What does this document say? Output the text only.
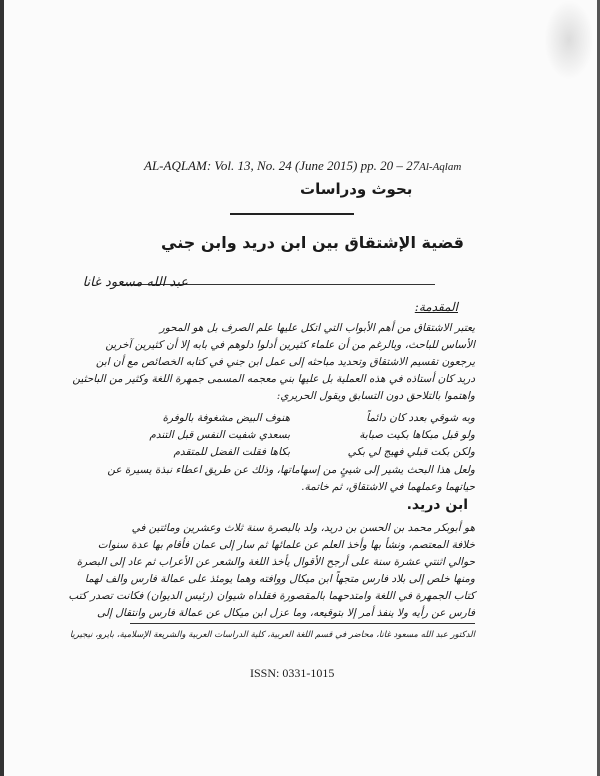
AL-AQLAM: Vol. 13, No. 24 (June 2015) pp. 20 – 27Al-Aqlam
بحوث ودراسات
قضية الإشتقاق بين ابن دريد وابن جني
عبد الله مسعود غانا
المقدمة:
يعتبر الاشتقاق من أهم الأبواب التي اتكل عليها علم الصرف بل هو المحور
الأساس للباحث، وبالرغم من أن علماء كثيرين أدلوا دلوهم في بابه إلا أن كثيرين آخرين
يرجعون تقسيم الاشتقاق وتحديد مباحثه إلى عمل ابن جني في كتابه الخصائص مع أن ابن
دريد كان أستاذه في هذه العملية بل عليها بني معجمه المسمى جمهرة اللغة وكثير من الباحثين
واهتموا بالتلاحق دون التسابق ويقول الحريري:
وبه شوقي بعدد كان دائماً
هنوف البيض مشغوفة بالوفرة
ولو قبل مبكاها بكيت صبابة
بسعدي شفيت النفس قبل التندم
ولكن بكت قبلي فهيج لي بكي
بكاها فقلت الفضل للمتقدم
ولعل هذا البحث يشير إلى شيئٍ من إسهاماتها، وذلك عن طريق اعطاء نبذة يسيرة عن
حياتهما وعملهما في الاشتقاق، ثم خاتمة.
ابن دريد.
هو أبوبكر محمد بن الحسن بن دريد، ولد بالبصرة سنة ثلاث وعشرين ومائتين في
خلافة المعتصم، ونشأ بها وأخذ العلم عن علمائها ثم سار إلى عمان فأقام بها عدة سنوات
حوالي اثنتي عشرة سنة على أرجح الأقوال يأخذ اللغة والشعر عن الأعراب ثم عاد إلى البصرة
ومنها خلص إلى بلاد فارس متجهاً ابن ميكال ووافته وهما يومئذ على عمالة فارس والف لهما
كتاب الجمهرة في اللغة وامتدحهما بالمقصورة فقلداه شيوان (رئيس الديوان) فكانت تصدر كتب
فارس عن رأيه ولا ينفذ أمر إلا بتوقيعه، وما عزل ابن ميكال عن عمالة فارس وانتقال إلى
الدكتور عبد الله مسعود غانا، محاضر في قسم اللغة العربية، كلية الدراسات العربية والشريعة الإسلامية، بايرو، نيجيريا
ISSN: 0331-1015
